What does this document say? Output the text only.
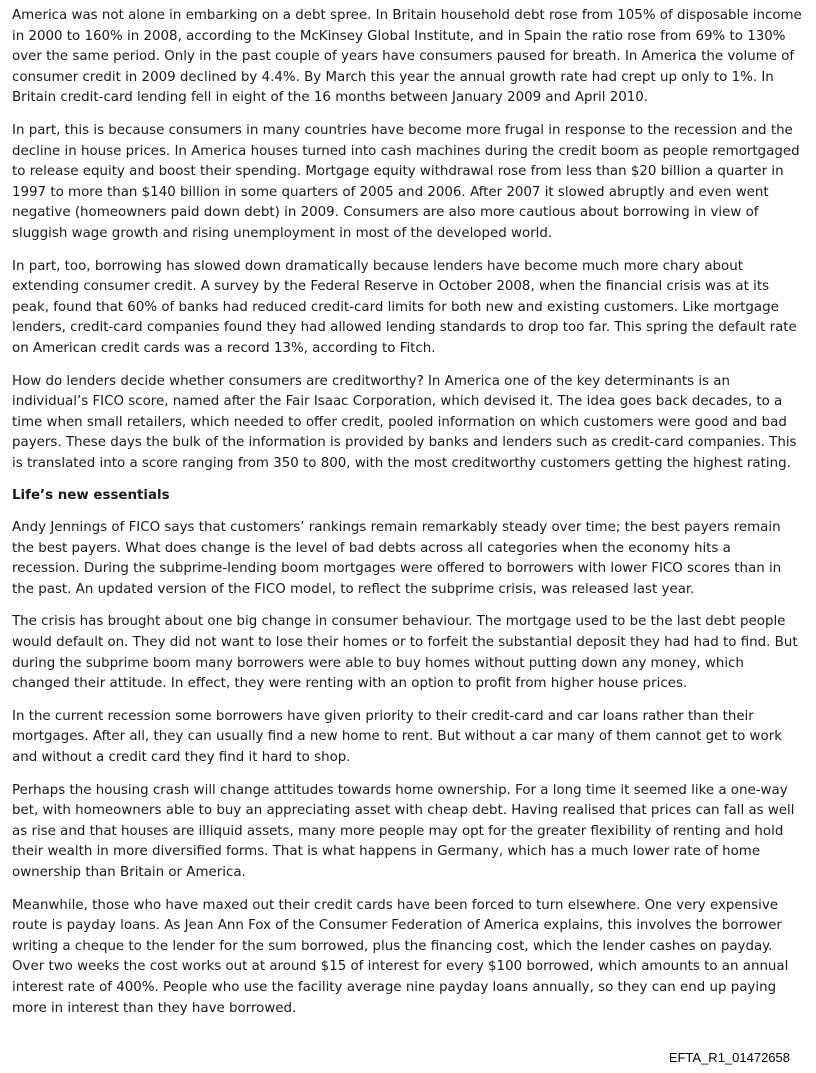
America was not alone in embarking on a debt spree. In Britain household debt rose from 105% of disposable income in 2000 to 160% in 2008, according to the McKinsey Global Institute, and in Spain the ratio rose from 69% to 130% over the same period. Only in the past couple of years have consumers paused for breath. In America the volume of consumer credit in 2009 declined by 4.4%. By March this year the annual growth rate had crept up only to 1%. In Britain credit-card lending fell in eight of the 16 months between January 2009 and April 2010.

In part, this is because consumers in many countries have become more frugal in response to the recession and the decline in house prices. In America houses turned into cash machines during the credit boom as people remortgaged to release equity and boost their spending. Mortgage equity withdrawal rose from less than $20 billion a quarter in 1997 to more than $140 billion in some quarters of 2005 and 2006. After 2007 it slowed abruptly and even went negative (homeowners paid down debt) in 2009. Consumers are also more cautious about borrowing in view of sluggish wage growth and rising unemployment in most of the developed world.

In part, too, borrowing has slowed down dramatically because lenders have become much more chary about extending consumer credit. A survey by the Federal Reserve in October 2008, when the financial crisis was at its peak, found that 60% of banks had reduced credit-card limits for both new and existing customers. Like mortgage lenders, credit-card companies found they had allowed lending standards to drop too far. This spring the default rate on American credit cards was a record 13%, according to Fitch.

How do lenders decide whether consumers are creditworthy? In America one of the key determinants is an individual’s FICO score, named after the Fair Isaac Corporation, which devised it. The idea goes back decades, to a time when small retailers, which needed to offer credit, pooled information on which customers were good and bad payers. These days the bulk of the information is provided by banks and lenders such as credit-card companies. This is translated into a score ranging from 350 to 800, with the most creditworthy customers getting the highest rating.

Life’s new essentials

Andy Jennings of FICO says that customers’ rankings remain remarkably steady over time; the best payers remain the best payers. What does change is the level of bad debts across all categories when the economy hits a recession. During the subprime-lending boom mortgages were offered to borrowers with lower FICO scores than in the past. An updated version of the FICO model, to reflect the subprime crisis, was released last year.

The crisis has brought about one big change in consumer behaviour. The mortgage used to be the last debt people would default on. They did not want to lose their homes or to forfeit the substantial deposit they had had to find. But during the subprime boom many borrowers were able to buy homes without putting down any money, which changed their attitude. In effect, they were renting with an option to profit from higher house prices.

In the current recession some borrowers have given priority to their credit-card and car loans rather than their mortgages. After all, they can usually find a new home to rent. But without a car many of them cannot get to work and without a credit card they find it hard to shop.

Perhaps the housing crash will change attitudes towards home ownership. For a long time it seemed like a one-way bet, with homeowners able to buy an appreciating asset with cheap debt. Having realised that prices can fall as well as rise and that houses are illiquid assets, many more people may opt for the greater flexibility of renting and hold their wealth in more diversified forms. That is what happens in Germany, which has a much lower rate of home ownership than Britain or America.

Meanwhile, those who have maxed out their credit cards have been forced to turn elsewhere. One very expensive route is payday loans. As Jean Ann Fox of the Consumer Federation of America explains, this involves the borrower writing a cheque to the lender for the sum borrowed, plus the financing cost, which the lender cashes on payday. Over two weeks the cost works out at around $15 of interest for every $100 borrowed, which amounts to an annual interest rate of 400%. People who use the facility average nine payday loans annually, so they can end up paying more in interest than they have borrowed.

EFTA_R1_01472658
